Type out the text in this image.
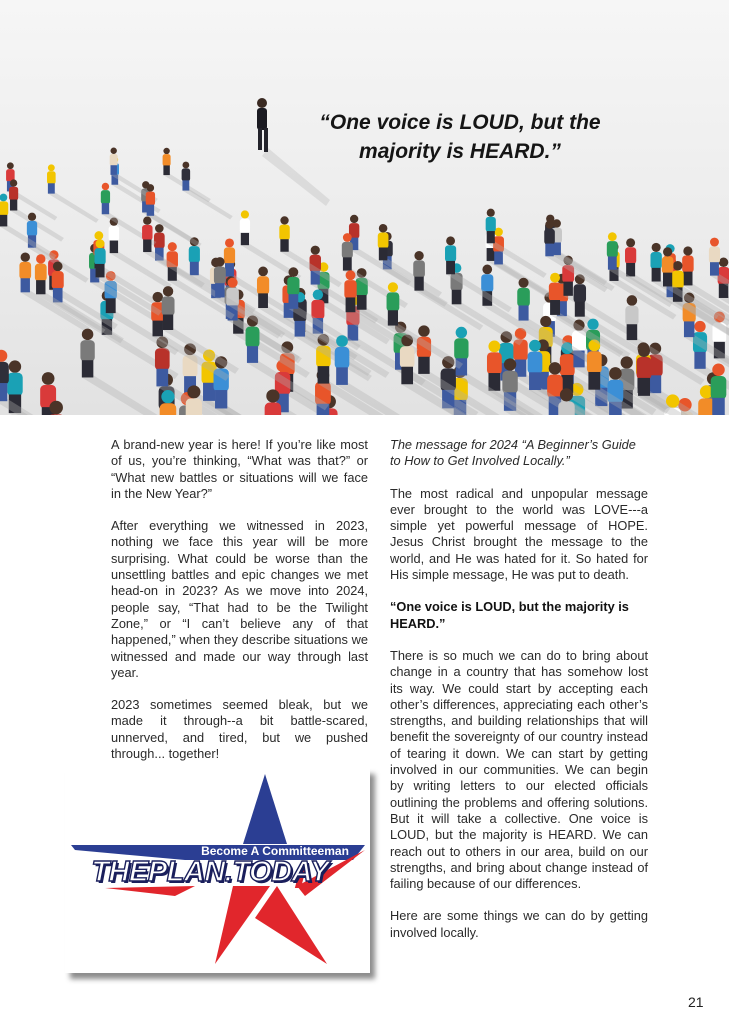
“One voice is LOUD, but the majority is HEARD.”

A brand-new year is here! If you’re like most of us, you’re thinking, “What was that?” or “What new battles or situations will we face in the New Year?”

After everything we witnessed in 2023, nothing we face this year will be more surprising. What could be worse than the unsettling battles and epic changes we met head-on in 2023? As we move into 2024, people say, “That had to be the Twilight Zone,” or “I can’t believe any of that happened,” when they describe situations we witnessed and made our way through last year.

2023 sometimes seemed bleak, but we made it through--a bit battle-scared, unnerved, and tired, but we pushed through... together!

The message for 2024 “A Beginner’s Guide to How to Get Involved Locally.”

The most radical and unpopular message ever brought to the world was LOVE---a simple yet powerful message of HOPE. Jesus Christ brought the message to the world, and He was hated for it. So hated for His simple message, He was put to death.

“One voice is LOUD, but the majority is HEARD.”

There is so much we can do to bring about change in a country that has somehow lost its way. We could start by accepting each other’s differences, appreciating each other’s strengths, and building relationships that will benefit the sovereignty of our country instead of tearing it down. We can start by getting involved in our communities. We can begin by writing letters to our elected officials outlining the problems and offering solutions. But it will take a collective. One voice is LOUD, but the majority is HEARD. We can reach out to others in our area, build on our strengths, and bring about change instead of failing because of our differences.

Here are some things we can do by getting involved locally.

Become A Committeeman

THEPLAN.TODAY

21
